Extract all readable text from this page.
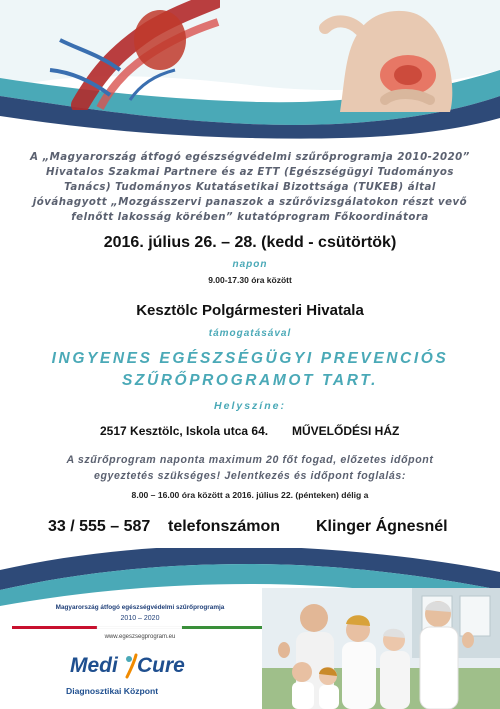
A „Magyarország átfogó egészségvédelmi szűrőprogramja 2010-2020” Hivatalos Szakmai Partnere és az ETT (Egészségügyi Tudományos Tanács) Tudományos Kutatásetikai Bizottsága (TUKEB) által jóváhagyott „Mozgásszervi panaszok a szűrővizsgálatokon részt vevő felnőtt lakosság körében” kutatóprogram Főkoordinátora
2016. július 26. – 28. (kedd - csütörtök)
napon
9.00-17.30 óra között
Kesztölc Polgármesteri Hivatala
támogatásával
INGYENES EGÉSZSÉGÜGYI PREVENCIÓS
SZŰRŐPROGRAMOT TART.
Helyszíne:
2517 Kesztölc, Iskola utca 64. MŰVELŐDÉSI HÁZ
A szűrőprogram naponta maximum 20 főt fogad, előzetes időpont egyeztetés szükséges! Jelentkezés és időpont foglalás:
8.00 – 16.00 óra között a 2016. július 22. (pénteken) délig a
33 / 555 – 587 telefonszámon Klinger Ágnesnél
Magyarország átfogó egészségvédelmi szűrőprogramja
2010 – 2020
www.egeszsegprogram.eu
Medi Cure
Diagnosztikai Központ
